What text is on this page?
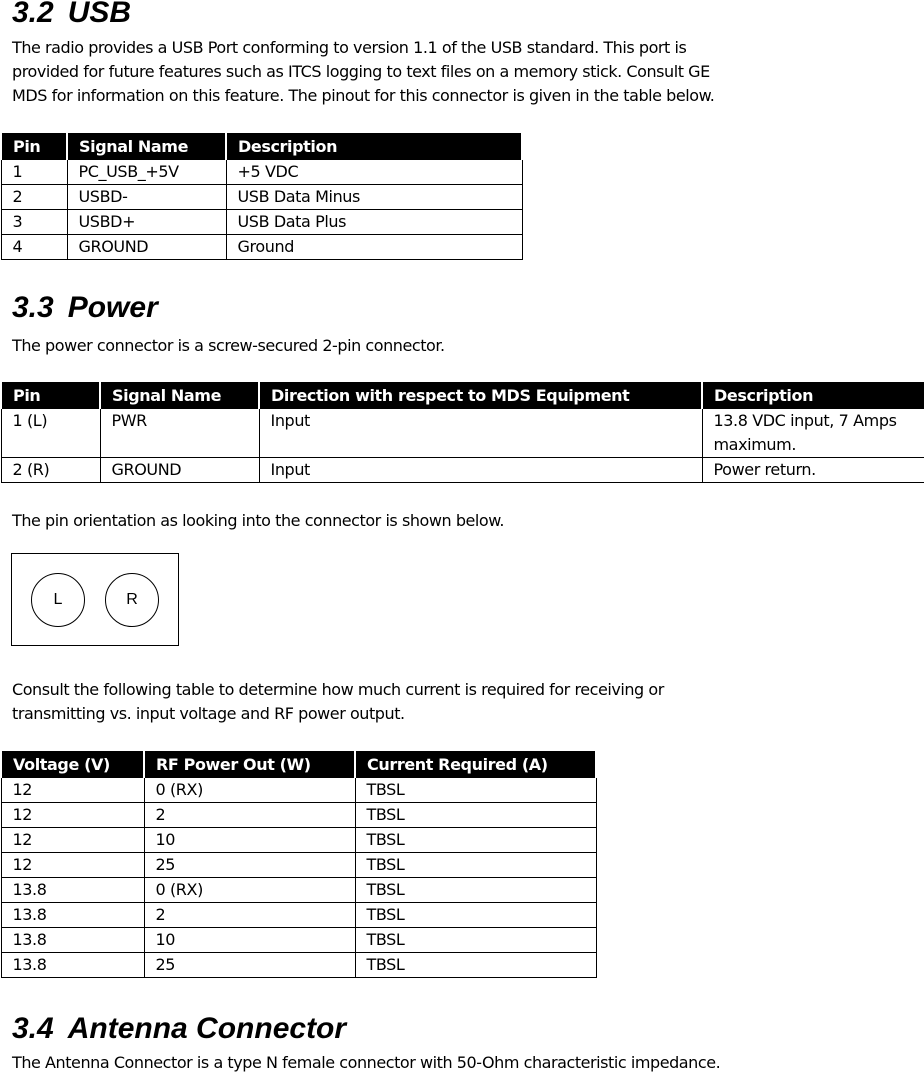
3.2 USB
The radio provides a USB Port conforming to version 1.1 of the USB standard. This port is
provided for future features such as ITCS logging to text files on a memory stick. Consult GE
MDS for information on this feature. The pinout for this connector is given in the table below.
Pin	Signal Name	Description
1	PC_USB_+5V	+5 VDC
2	USBD-	USB Data Minus
3	USBD+	USB Data Plus
4	GROUND	Ground
3.3 Power
The power connector is a screw-secured 2-pin connector.
Pin	Signal Name	Direction with respect to MDS Equipment	Description
1 (L)	PWR	Input	13.8 VDC input, 7 Amps maximum.
2 (R)	GROUND	Input	Power return.
The pin orientation as looking into the connector is shown below.
L	R
Consult the following table to determine how much current is required for receiving or
transmitting vs. input voltage and RF power output.
Voltage (V)	RF Power Out (W)	Current Required (A)
12	0 (RX)	TBSL
12	2	TBSL
12	10	TBSL
12	25	TBSL
13.8	0 (RX)	TBSL
13.8	2	TBSL
13.8	10	TBSL
13.8	25	TBSL
3.4 Antenna Connector
The Antenna Connector is a type N female connector with 50-Ohm characteristic impedance.
